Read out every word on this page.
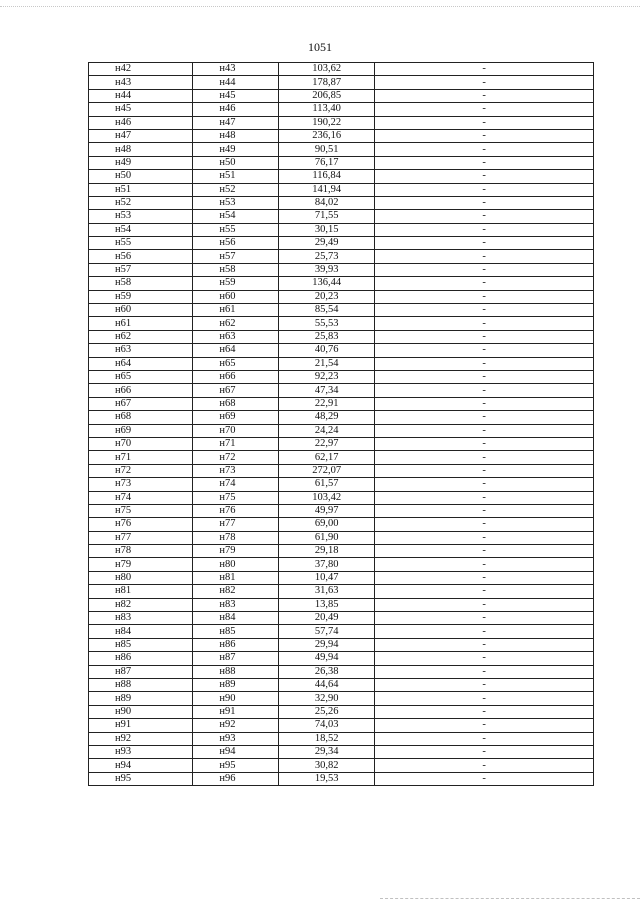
1051
н42	н43	103,62	-
н43	н44	178,87	-
н44	н45	206,85	-
н45	н46	113,40	-
н46	н47	190,22	-
н47	н48	236,16	-
н48	н49	90,51	-
н49	н50	76,17	-
н50	н51	116,84	-
н51	н52	141,94	-
н52	н53	84,02	-
н53	н54	71,55	-
н54	н55	30,15	-
н55	н56	29,49	-
н56	н57	25,73	-
н57	н58	39,93	-
н58	н59	136,44	-
н59	н60	20,23	-
н60	н61	85,54	-
н61	н62	55,53	-
н62	н63	25,83	-
н63	н64	40,76	-
н64	н65	21,54	-
н65	н66	92,23	-
н66	н67	47,34	-
н67	н68	22,91	-
н68	н69	48,29	-
н69	н70	24,24	-
н70	н71	22,97	-
н71	н72	62,17	-
н72	н73	272,07	-
н73	н74	61,57	-
н74	н75	103,42	-
н75	н76	49,97	-
н76	н77	69,00	-
н77	н78	61,90	-
н78	н79	29,18	-
н79	н80	37,80	-
н80	н81	10,47	-
н81	н82	31,63	-
н82	н83	13,85	-
н83	н84	20,49	-
н84	н85	57,74	-
н85	н86	29,94	-
н86	н87	49,94	-
н87	н88	26,38	-
н88	н89	44,64	-
н89	н90	32,90	-
н90	н91	25,26	-
н91	н92	74,03	-
н92	н93	18,52	-
н93	н94	29,34	-
н94	н95	30,82	-
н95	н96	19,53	-
